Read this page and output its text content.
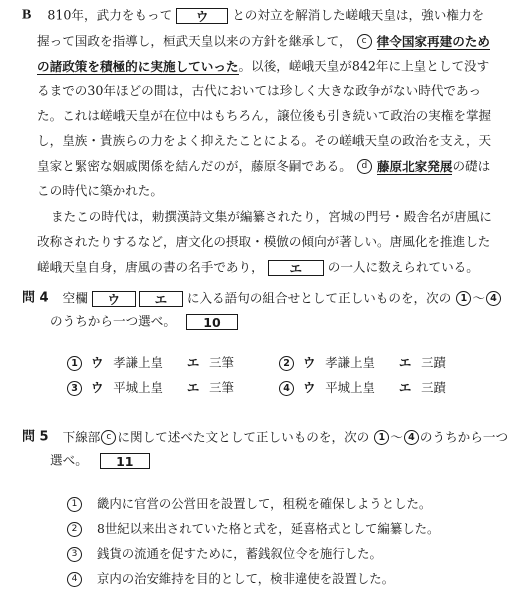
B 810年，武力をもって ウ との対立を解消した嵯峨天皇は，強い権力を
握って国政を指導し，桓武天皇以来の方針を継承して， c 律令国家再建のため
の諸政策を積極的に実施していった。以後，嵯峨天皇が842年に上皇として没す
るまでの30年ほどの間は，古代においては珍しく大きな政争がない時代であっ
た。これは嵯峨天皇が在位中はもちろん，譲位後も引き続いて政治の実権を掌握
し，皇族・貴族らの力をよく抑えたことによる。その嵯峨天皇の政治を支え，天
皇家と緊密な姻戚関係を結んだのが，藤原冬嗣である。 d 藤原北家発展の礎は
この時代に築かれた。
またこの時代は，勅撰漢詩文集が編纂されたり，宮城の門号・殿舎名が唐風に
改称されたりするなど，唐文化の摂取・模倣の傾向が著しい。唐風化を推進した
嵯峨天皇自身，唐風の書の名手であり， エ の一人に数えられている。
問 4 空欄 ウ	エ に入る語句の組合せとして正しいものを，次の 1 〜 4
のうちから一つ選べ。 10
1 ウ 孝謙上皇 エ 三筆	2 ウ 孝謙上皇 エ 三蹟
3 ウ 平城上皇 エ 三筆	4 ウ 平城上皇 エ 三蹟
問 5 下線部 c に関して述べた文として正しいものを，次の 1 〜 4 のうちから一つ
選べ。 11
1 畿内に官営の公営田を設置して，租税を確保しようとした。
2 8世紀以来出されていた格と式を，延喜格式として編纂した。
3 銭貨の流通を促すために，蓄銭叙位令を施行した。
4 京内の治安維持を目的として，検非違使を設置した。
